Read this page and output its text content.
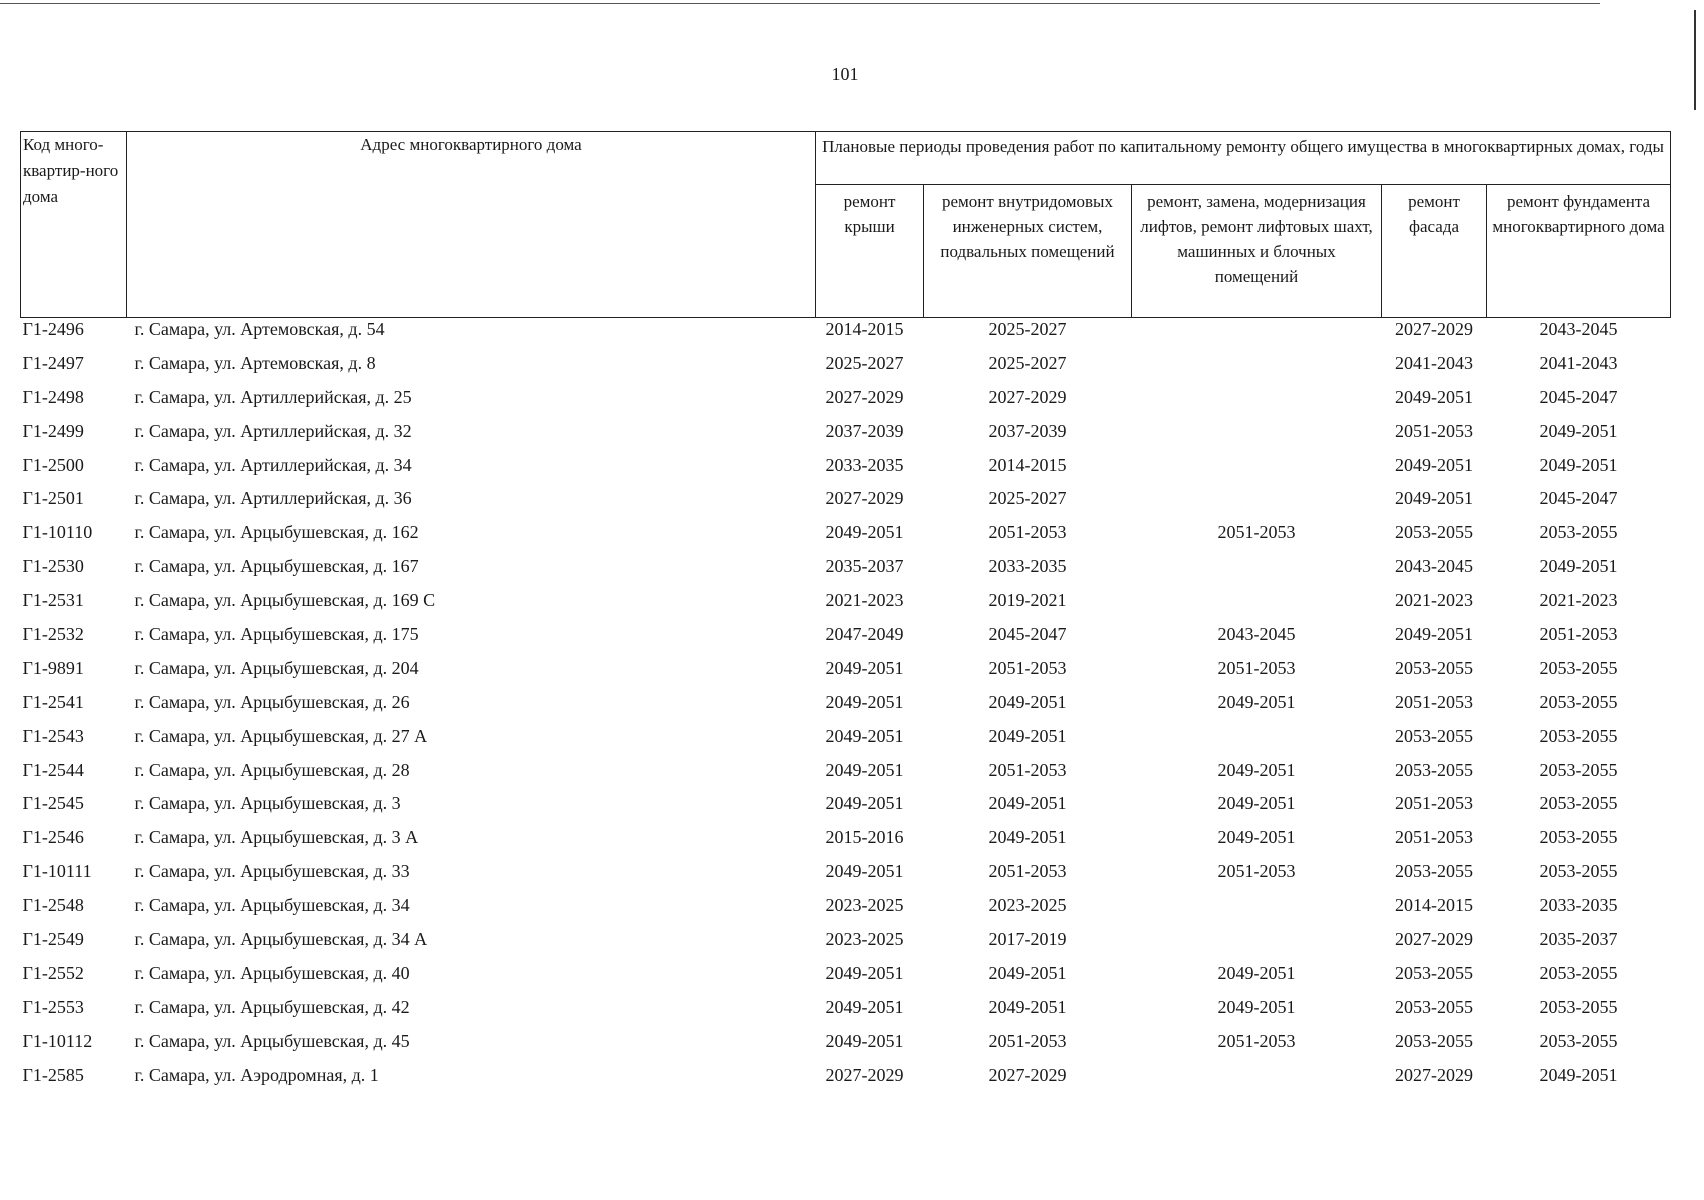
101
Код много-квартир-ного дома	Адрес многоквартирного дома	Плановые периоды проведения работ по капитальному ремонту общего имущества в многоквартирных домах, годы				
		ремонт крыши	ремонт внутридомовых инженерных систем, подвальных помещений	ремонт, замена, модернизация лифтов, ремонт лифтовых шахт, машинных и блочных помещений	ремонт фасада	ремонт фундамента многоквартирного дома
Г1-2496	г. Самара, ул. Артемовская, д. 54	2014-2015	2025-2027		2027-2029	2043-2045
Г1-2497	г. Самара, ул. Артемовская, д. 8	2025-2027	2025-2027		2041-2043	2041-2043
Г1-2498	г. Самара, ул. Артиллерийская, д. 25	2027-2029	2027-2029		2049-2051	2045-2047
Г1-2499	г. Самара, ул. Артиллерийская, д. 32	2037-2039	2037-2039		2051-2053	2049-2051
Г1-2500	г. Самара, ул. Артиллерийская, д. 34	2033-2035	2014-2015		2049-2051	2049-2051
Г1-2501	г. Самара, ул. Артиллерийская, д. 36	2027-2029	2025-2027		2049-2051	2045-2047
Г1-10110	г. Самара, ул. Арцыбушевская, д. 162	2049-2051	2051-2053	2051-2053	2053-2055	2053-2055
Г1-2530	г. Самара, ул. Арцыбушевская, д. 167	2035-2037	2033-2035		2043-2045	2049-2051
Г1-2531	г. Самара, ул. Арцыбушевская, д. 169 С	2021-2023	2019-2021		2021-2023	2021-2023
Г1-2532	г. Самара, ул. Арцыбушевская, д. 175	2047-2049	2045-2047	2043-2045	2049-2051	2051-2053
Г1-9891	г. Самара, ул. Арцыбушевская, д. 204	2049-2051	2051-2053	2051-2053	2053-2055	2053-2055
Г1-2541	г. Самара, ул. Арцыбушевская, д. 26	2049-2051	2049-2051	2049-2051	2051-2053	2053-2055
Г1-2543	г. Самара, ул. Арцыбушевская, д. 27 А	2049-2051	2049-2051		2053-2055	2053-2055
Г1-2544	г. Самара, ул. Арцыбушевская, д. 28	2049-2051	2051-2053	2049-2051	2053-2055	2053-2055
Г1-2545	г. Самара, ул. Арцыбушевская, д. 3	2049-2051	2049-2051	2049-2051	2051-2053	2053-2055
Г1-2546	г. Самара, ул. Арцыбушевская, д. 3 А	2015-2016	2049-2051	2049-2051	2051-2053	2053-2055
Г1-10111	г. Самара, ул. Арцыбушевская, д. 33	2049-2051	2051-2053	2051-2053	2053-2055	2053-2055
Г1-2548	г. Самара, ул. Арцыбушевская, д. 34	2023-2025	2023-2025		2014-2015	2033-2035
Г1-2549	г. Самара, ул. Арцыбушевская, д. 34 А	2023-2025	2017-2019		2027-2029	2035-2037
Г1-2552	г. Самара, ул. Арцыбушевская, д. 40	2049-2051	2049-2051	2049-2051	2053-2055	2053-2055
Г1-2553	г. Самара, ул. Арцыбушевская, д. 42	2049-2051	2049-2051	2049-2051	2053-2055	2053-2055
Г1-10112	г. Самара, ул. Арцыбушевская, д. 45	2049-2051	2051-2053	2051-2053	2053-2055	2053-2055
Г1-2585	г. Самара, ул. Аэродромная, д. 1	2027-2029	2027-2029		2027-2029	2049-2051
